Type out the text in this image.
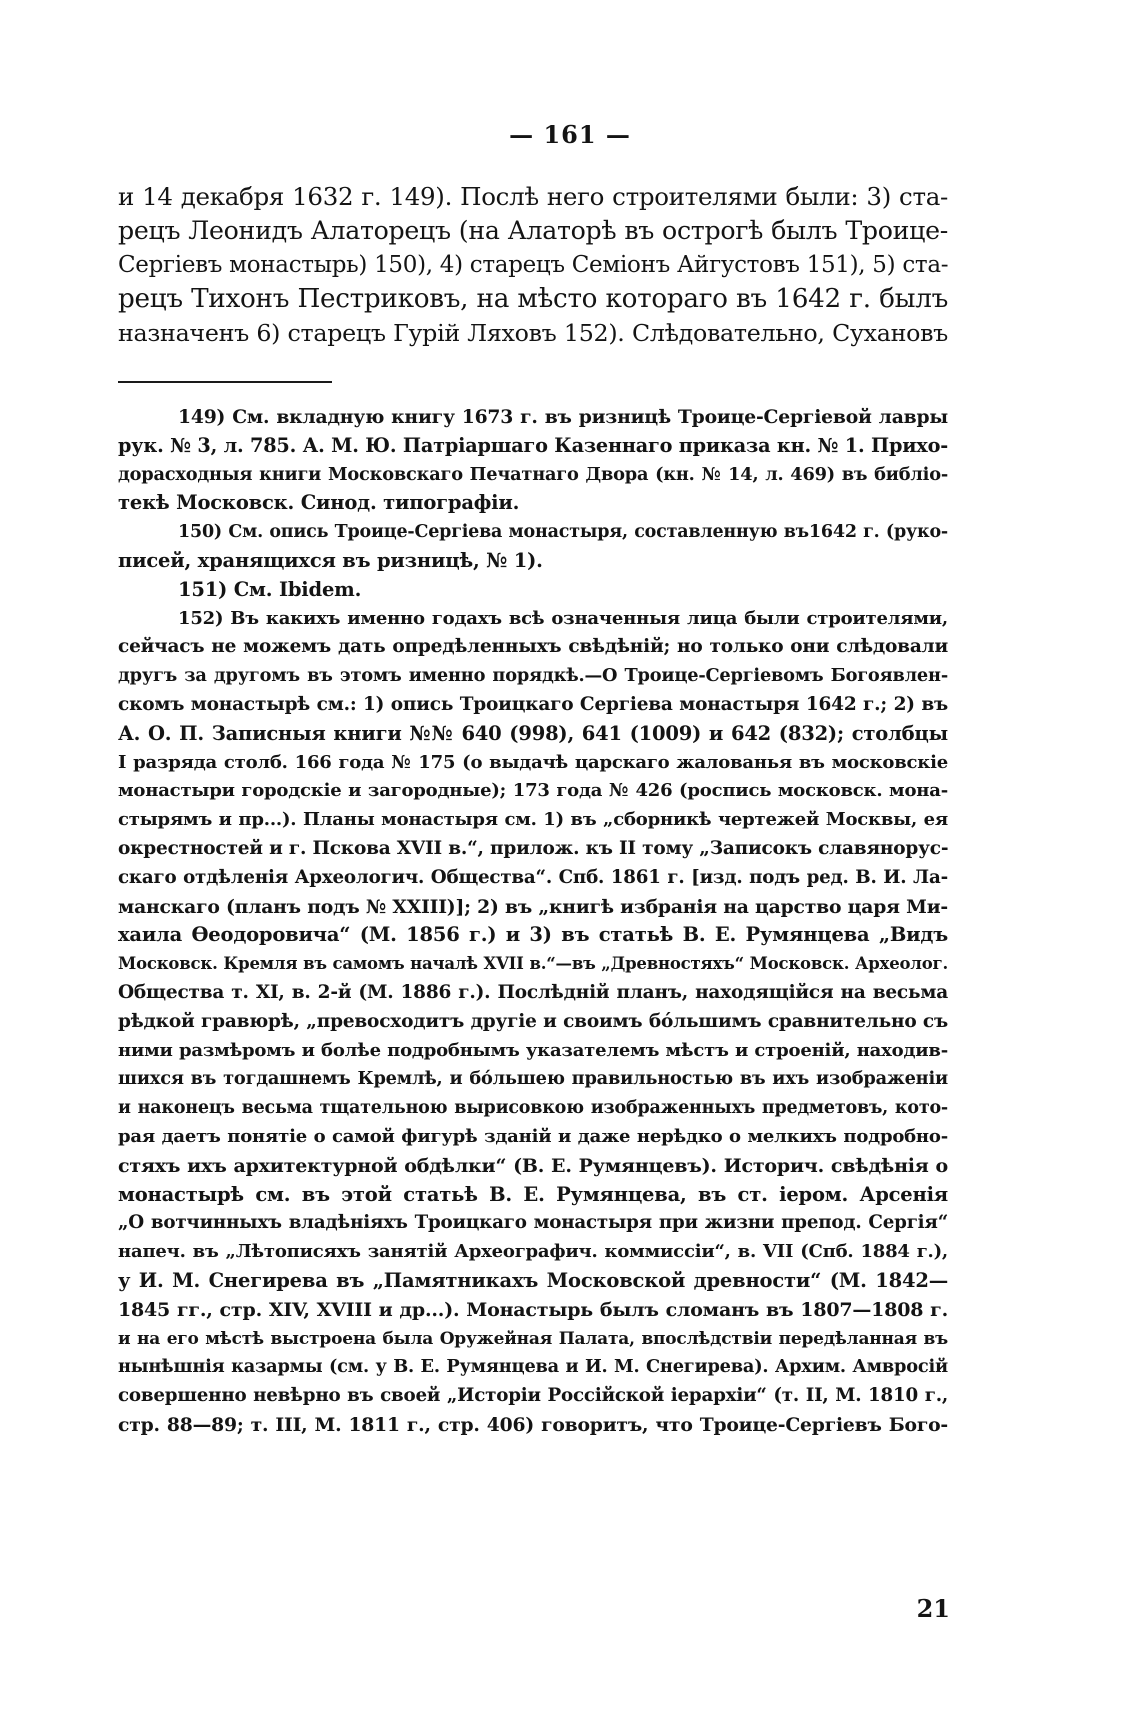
— 161 —
и 14 декабря 1632 г. 149). Послѣ него строителями были: 3) ста-
рецъ Леонидъ Алаторецъ (на Алаторѣ въ острогѣ былъ Троице-
Сергіевъ монастырь) 150), 4) старецъ Семіонъ Айгустовъ 151), 5) ста-
рецъ Тихонъ Пестриковъ, на мѣсто котораго въ 1642 г. былъ
назначенъ 6) старецъ Гурій Ляховъ 152). Слѣдовательно, Сухановъ
149) См. вкладную книгу 1673 г. въ ризницѣ Троице-Сергіевой лавры
рук. № 3, л. 785. А. М. Ю. Патріаршаго Казеннаго приказа кн. № 1. Прихо-
дорасходныя книги Московскаго Печатнаго Двора (кн. № 14, л. 469) въ библіо-
текѣ Московск. Синод. типографіи.
150) См. опись Троице-Сергіева монастыря, составленную въ1642 г. (руко-
писей, хранящихся въ ризницѣ, № 1).
151) См. Ibidem.
152) Въ какихъ именно годахъ всѣ означенныя лица были строителями,
сейчасъ не можемъ дать опредѣленныхъ свѣдѣній; но только они слѣдовали
другъ за другомъ въ этомъ именно порядкѣ.—О Троице-Сергіевомъ Богоявлен-
скомъ монастырѣ см.: 1) опись Троицкаго Сергіева монастыря 1642 г.; 2) въ
А. О. П. Записныя книги №№ 640 (998), 641 (1009) и 642 (832); столбцы
I разряда столб. 166 года № 175 (о выдачѣ царскаго жалованья въ московскіе
монастыри городскіе и загородные); 173 года № 426 (роспись московск. мона-
стырямъ и пр...). Планы монастыря см. 1) въ „сборникѣ чертежей Москвы, ея
окрестностей и г. Пскова XVII в.“, прилож. къ II тому „Записокъ славянорус-
скаго отдѣленія Археологич. Общества“. Спб. 1861 г. [изд. подъ ред. В. И. Ла-
манскаго (планъ подъ № XXIII)]; 2) въ „книгѣ избранія на царство царя Ми-
хаила Ѳеодоровича“ (М. 1856 г.) и 3) въ статьѣ В. Е. Румянцева „Видъ
Московск. Кремля въ самомъ началѣ XVII в.“—въ „Древностяхъ“ Московск. Археолог.
Общества т. XI, в. 2-й (М. 1886 г.). Послѣдній планъ, находящійся на весьма
рѣдкой гравюрѣ, „превосходитъ другіе и своимъ бóльшимъ сравнительно съ
ними размѣромъ и болѣе подробнымъ указателемъ мѣстъ и строеній, находив-
шихся въ тогдашнемъ Кремлѣ, и бóльшею правильностью въ ихъ изображеніи
и наконецъ весьма тщательною вырисовкою изображенныхъ предметовъ, кото-
рая даетъ понятіе о самой фигурѣ зданій и даже нерѣдко о мелкихъ подробно-
стяхъ ихъ архитектурной обдѣлки“ (В. Е. Румянцевъ). Историч. свѣдѣнія о
монастырѣ см. въ этой статьѣ В. Е. Румянцева, въ ст. іером. Арсенія
„О вотчинныхъ владѣніяхъ Троицкаго монастыря при жизни препод. Сергія“
напеч. въ „Лѣтописяхъ занятій Археографич. коммиссіи“, в. VII (Спб. 1884 г.),
у И. М. Снегирева въ „Памятникахъ Московской древности“ (М. 1842—
1845 гг., стр. XIV, XVIII и др...). Монастырь былъ сломанъ въ 1807—1808 г.
и на его мѣстѣ выстроена была Оружейная Палата, впослѣдствіи передѣланная въ
нынѣшнія казармы (см. у В. Е. Румянцева и И. М. Снегирева). Архим. Амвросій
совершенно невѣрно въ своей „Исторіи Россійской іерархіи“ (т. II, М. 1810 г.,
стр. 88—89; т. III, М. 1811 г., стр. 406) говоритъ, что Троице-Сергіевъ Бого-
21
